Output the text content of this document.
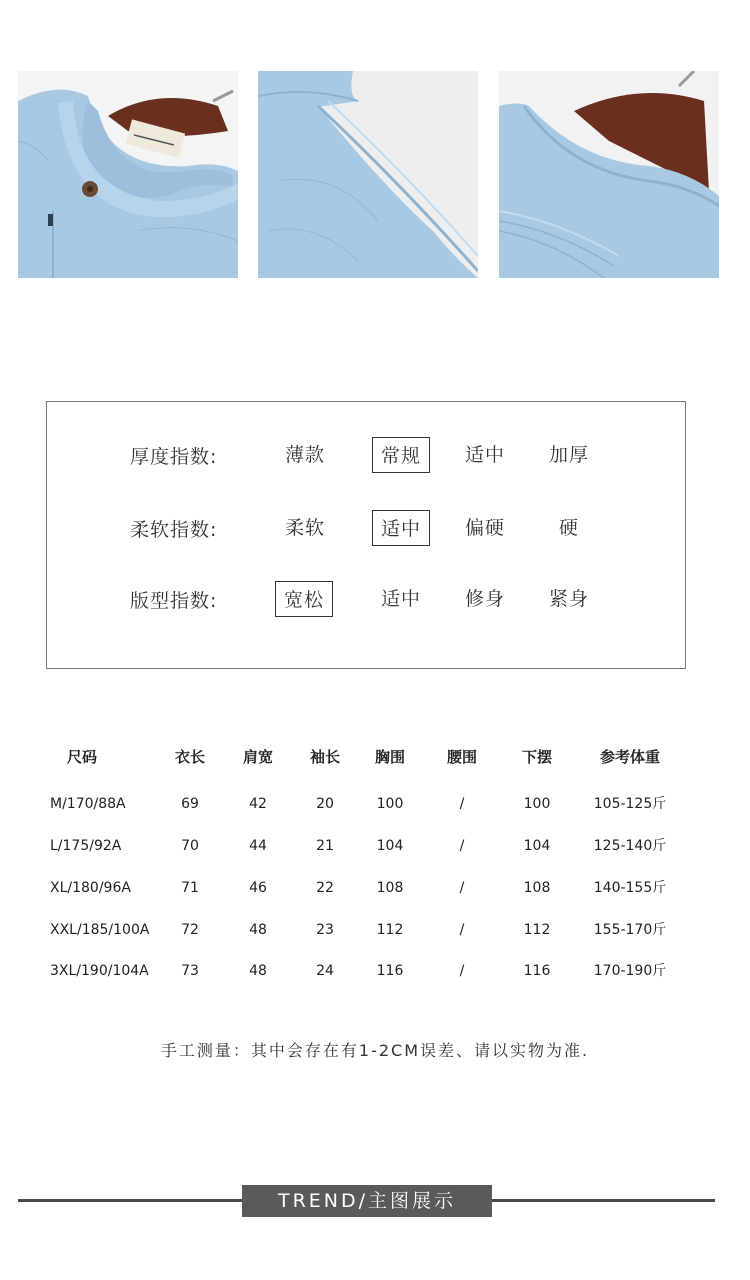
厚度指数:	薄款	常规	适中	加厚
柔软指数:	柔软	适中	偏硬	硬
版型指数:	宽松	适中	修身	紧身
尺码	衣长	肩宽	袖长	胸围	腰围	下摆	参考体重
M/170/88A	69	42	20	100	/	100	105-125斤
L/175/92A	70	44	21	104	/	104	125-140斤
XL/180/96A	71	46	22	108	/	108	140-155斤
XXL/185/100A	72	48	23	112	/	112	155-170斤
3XL/190/104A	73	48	24	116	/	116	170-190斤
手工测量：其中会存在有1-2CM误差、请以实物为准.
TREND/主图展示
